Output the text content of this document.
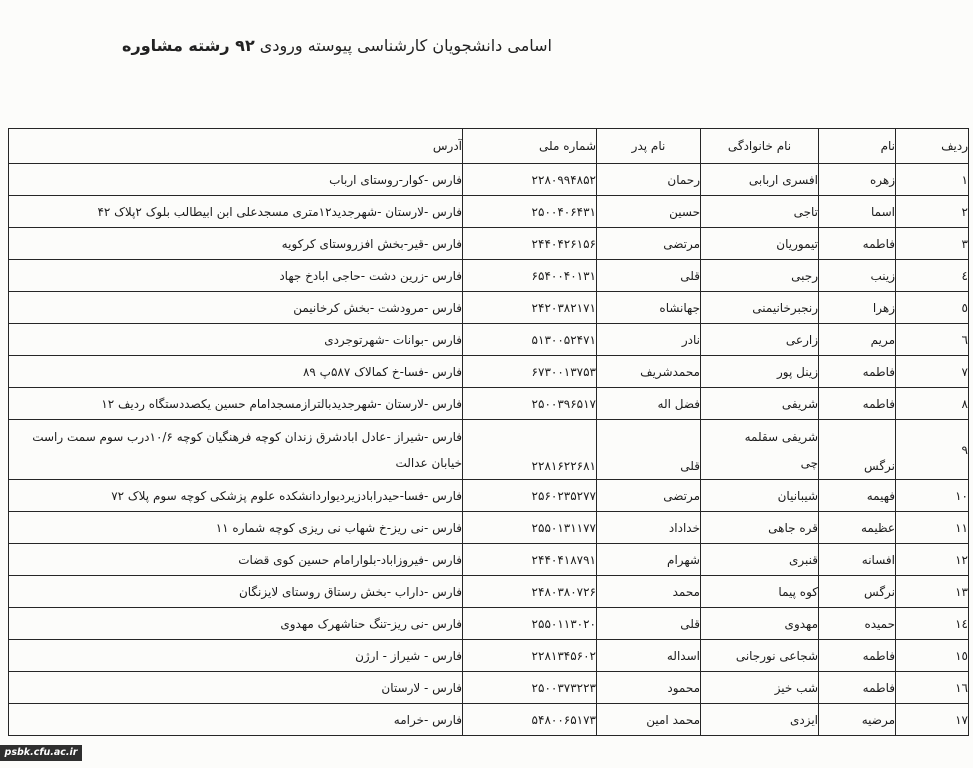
اسامی دانشجویان کارشناسی پیوسته ورودی ۹۲ رشته مشاوره
ردیف	نام	نام خانوادگی	نام پدر	شماره ملی	آدرس
١	زهره	افسری اربابی	رحمان	۲۲۸۰۹۹۴۸۵۲	فارس -کوار-روستای ارباب
٢	اسما	تاجی	حسین	۲۵۰۰۴۰۶۴۳۱	فارس -لارستان -شهرجدید۱۲متری مسجدعلی ابن ابیطالب بلوک ۲پلاک ۴۲
٣	فاطمه	تیموریان	مرتضی	۲۴۴۰۴۲۶۱۵۶	فارس -قیر-بخش افزروستای کرکویه
٤	زینب	رجبی	قلی	۶۵۴۰۰۴۰۱۳۱	فارس -زرین دشت -حاجی ابادخ جهاد
٥	زهرا	رنجبرخانیمنی	جهانشاه	۲۴۲۰۳۸۲۱۷۱	فارس -مرودشت -بخش کرخانیمن
٦	مریم	زارعی	نادر	۵۱۳۰۰۵۲۴۷۱	فارس -بوانات -شهرتوجردی
٧	فاطمه	زینل پور	محمدشریف	۶۷۳۰۰۱۳۷۵۳	فارس -فسا-خ کمالاک ۵۸۷پ ۸۹
٨	فاطمه	شریفی	فضل اله	۲۵۰۰۳۹۶۵۱۷	فارس -لارستان -شهرجدیدبالترازمسجدامام حسین یکصددستگاه ردیف ۱۲
٩	نرگس	شریفی سقلمه چی	قلی	۲۲۸۱۶۲۲۶۸۱	فارس -شیراز -عادل ابادشرق زندان کوچه فرهنگیان کوچه ۱۰/۶درب سوم سمت راست خیابان عدالت
١٠	فهیمه	شیبانیان	مرتضی	۲۵۶۰۲۳۵۲۷۷	فارس -فسا-حیدرابادزیردیواردانشکده علوم پزشکی کوچه سوم پلاک ۷۲
١١	عظیمه	قره جاهی	خداداد	۲۵۵۰۱۳۱۱۷۷	فارس -نی ریز-خ شهاب نی ریزی کوچه شماره ۱۱
١٢	افسانه	قنبری	شهرام	۲۴۴۰۴۱۸۷۹۱	فارس -فیروزاباد-بلوارامام حسین کوی قضات
١٣	نرگس	کوه پیما	محمد	۲۴۸۰۳۸۰۷۲۶	فارس -داراب -بخش رستاق روستای لایزنگان
١٤	حمیده	مهدوی	قلی	۲۵۵۰۱۱۳۰۲۰	فارس -نی ریز-تنگ حناشهرک مهدوی
١٥	فاطمه	شجاعی نورجانی	اسداله	۲۲۸۱۳۴۵۶۰۲	فارس - شیراز - ارژن
١٦	فاطمه	شب خیز	محمود	۲۵۰۰۳۷۳۲۲۳	فارس - لارستان
١٧	مرضیه	ایزدی	محمد امین	۵۴۸۰۰۶۵۱۷۳	فارس -خرامه
psbk.cfu.ac.ir
